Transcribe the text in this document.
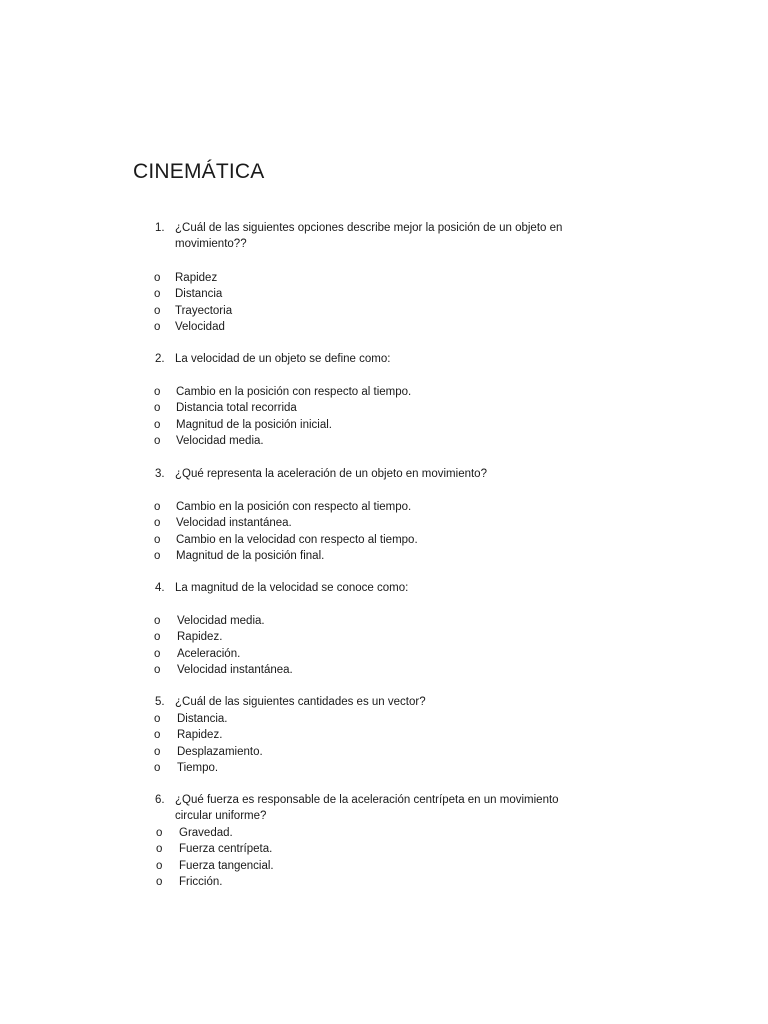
CINEMÁTICA
1. ¿Cuál de las siguientes opciones describe mejor la posición de un objeto en movimiento??
o Rapidez
o Distancia
o Trayectoria
o Velocidad
2. La velocidad de un objeto se define como:
o Cambio en la posición con respecto al tiempo.
o Distancia total recorrida
o Magnitud de la posición inicial.
o Velocidad media.
3. ¿Qué representa la aceleración de un objeto en movimiento?
o Cambio en la posición con respecto al tiempo.
o Velocidad instantánea.
o Cambio en la velocidad con respecto al tiempo.
o Magnitud de la posición final.
4. La magnitud de la velocidad se conoce como:
o Velocidad media.
o Rapidez.
o Aceleración.
o Velocidad instantánea.
5. ¿Cuál de las siguientes cantidades es un vector?
o Distancia.
o Rapidez.
o Desplazamiento.
o Tiempo.
6. ¿Qué fuerza es responsable de la aceleración centrípeta en un movimiento circular uniforme?
o Gravedad.
o Fuerza centrípeta.
o Fuerza tangencial.
o Fricción.
